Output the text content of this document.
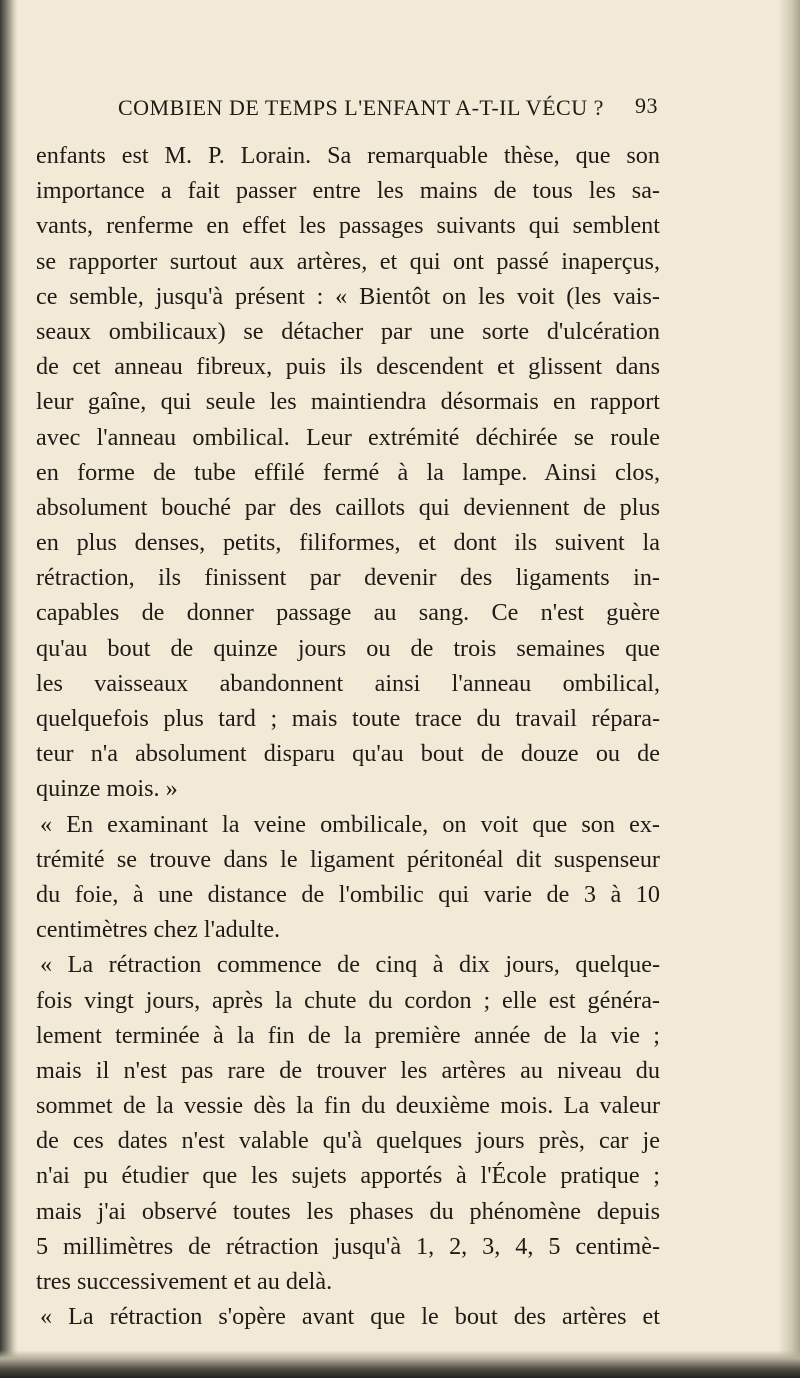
COMBIEN DE TEMPS L'ENFANT A-T-IL VÉCU ? 93
enfants est M. P. Lorain. Sa remarquable thèse, que son
importance a fait passer entre les mains de tous les sa-
vants, renferme en effet les passages suivants qui semblent
se rapporter surtout aux artères, et qui ont passé inaperçus,
ce semble, jusqu'à présent : « Bientôt on les voit (les vais-
seaux ombilicaux) se détacher par une sorte d'ulcération
de cet anneau fibreux, puis ils descendent et glissent dans
leur gaîne, qui seule les maintiendra désormais en rapport
avec l'anneau ombilical. Leur extrémité déchirée se roule
en forme de tube effilé fermé à la lampe. Ainsi clos,
absolument bouché par des caillots qui deviennent de plus
en plus denses, petits, filiformes, et dont ils suivent la
rétraction, ils finissent par devenir des ligaments in-
capables de donner passage au sang. Ce n'est guère
qu'au bout de quinze jours ou de trois semaines que
les vaisseaux abandonnent ainsi l'anneau ombilical,
quelquefois plus tard ; mais toute trace du travail répara-
teur n'a absolument disparu qu'au bout de douze ou de
quinze mois. »
« En examinant la veine ombilicale, on voit que son ex-
trémité se trouve dans le ligament péritonéal dit suspenseur
du foie, à une distance de l'ombilic qui varie de 3 à 10
centimètres chez l'adulte.
« La rétraction commence de cinq à dix jours, quelque-
fois vingt jours, après la chute du cordon ; elle est généra-
lement terminée à la fin de la première année de la vie ;
mais il n'est pas rare de trouver les artères au niveau du
sommet de la vessie dès la fin du deuxième mois. La valeur
de ces dates n'est valable qu'à quelques jours près, car je
n'ai pu étudier que les sujets apportés à l'École pratique ;
mais j'ai observé toutes les phases du phénomène depuis
5 millimètres de rétraction jusqu'à 1, 2, 3, 4, 5 centimè-
tres successivement et au delà.
« La rétraction s'opère avant que le bout des artères et
